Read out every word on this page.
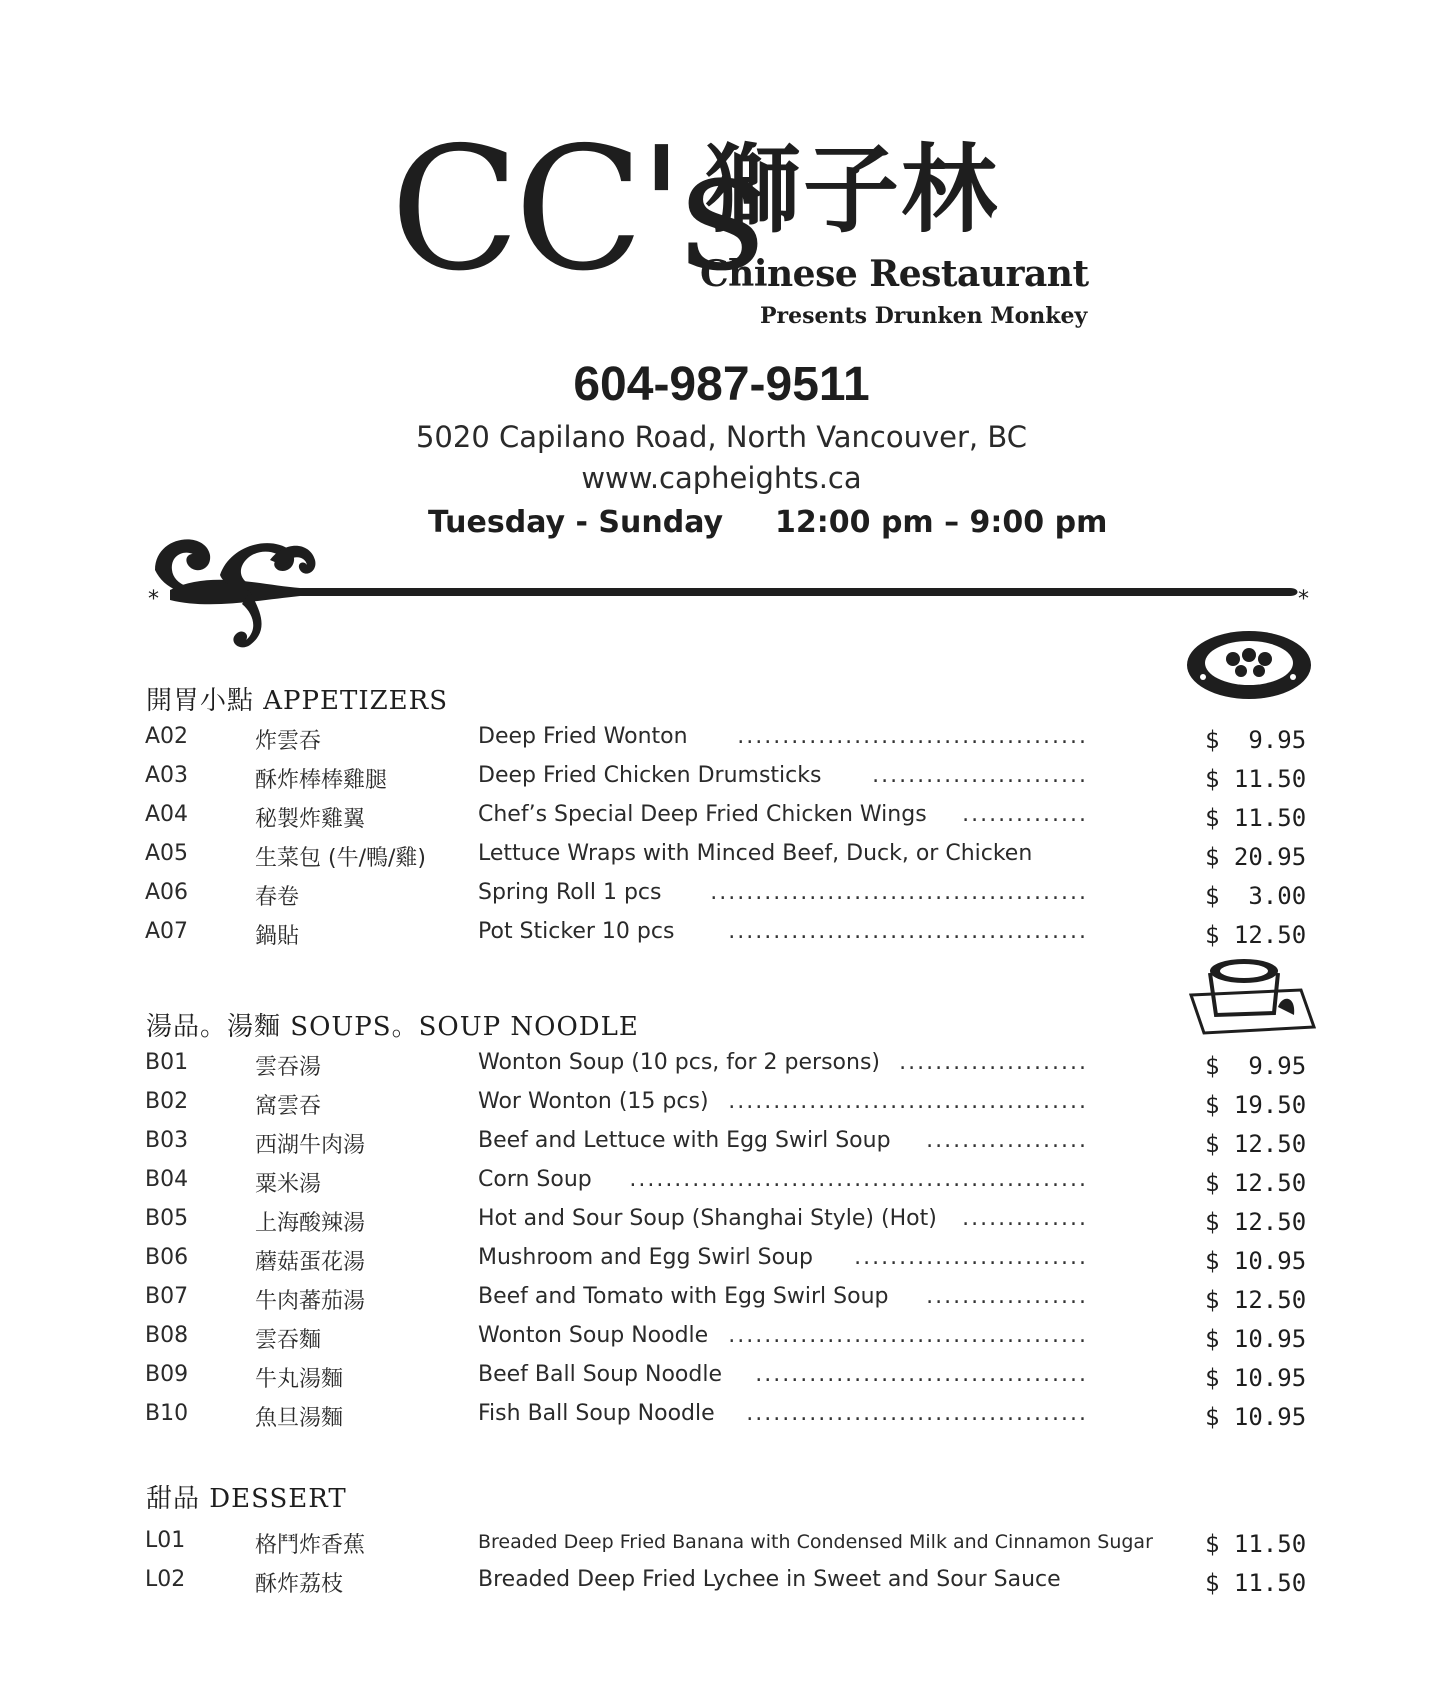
CC's
獅子林
Chinese Restaurant
Presents Drunken Monkey
604-987-9511
5020 Capilano Road, North Vancouver, BC
www.capheights.ca
Tuesday - Sunday 12:00 pm – 9:00 pm
*	*
開胃小點 APPETIZERS
A02	炸雲吞	Deep Fried Wonton .......................................	$  9.95
A03	酥炸棒棒雞腿	Deep Fried Chicken Drumsticks ........................	$ 11.50
A04	秘製炸雞翼	Chef’s Special Deep Fried Chicken Wings ..............	$ 11.50
A05	生菜包 (牛/鴨/雞) Lettuce Wraps with Minced Beef, Duck, or Chicken	$ 20.95
A06	春卷	Spring Roll 1 pcs ..........................................	$  3.00
A07	鍋貼	Pot Sticker 10 pcs ........................................	$ 12.50
湯品。湯麵 SOUPS。SOUP NOODLE
B01	雲吞湯	Wonton Soup (10 pcs, for 2 persons) .....................	$  9.95
B02	窩雲吞	Wor Wonton (15 pcs) ........................................	$ 19.50
B03	西湖牛肉湯	Beef and Lettuce with Egg Swirl Soup ..................	$ 12.50
B04	粟米湯	Corn Soup ...................................................	$ 12.50
B05	上海酸辣湯	Hot and Sour Soup (Shanghai Style) (Hot) ..............	$ 12.50
B06	蘑菇蛋花湯	Mushroom and Egg Swirl Soup ..........................	$ 10.95
B07	牛肉蕃茄湯	Beef and Tomato with Egg Swirl Soup ..................	$ 12.50
B08	雲吞麵	Wonton Soup Noodle ........................................	$ 10.95
B09	牛丸湯麵	Beef Ball Soup Noodle .....................................	$ 10.95
B10	魚旦湯麵	Fish Ball Soup Noodle ......................................	$ 10.95
甜品 DESSERT
L01	格鬥炸香蕉	Breaded Deep Fried Banana with Condensed Milk and Cinnamon Sugar $ 11.50
L02	酥炸荔枝	Breaded Deep Fried Lychee in Sweet and Sour Sauce	$ 11.50
